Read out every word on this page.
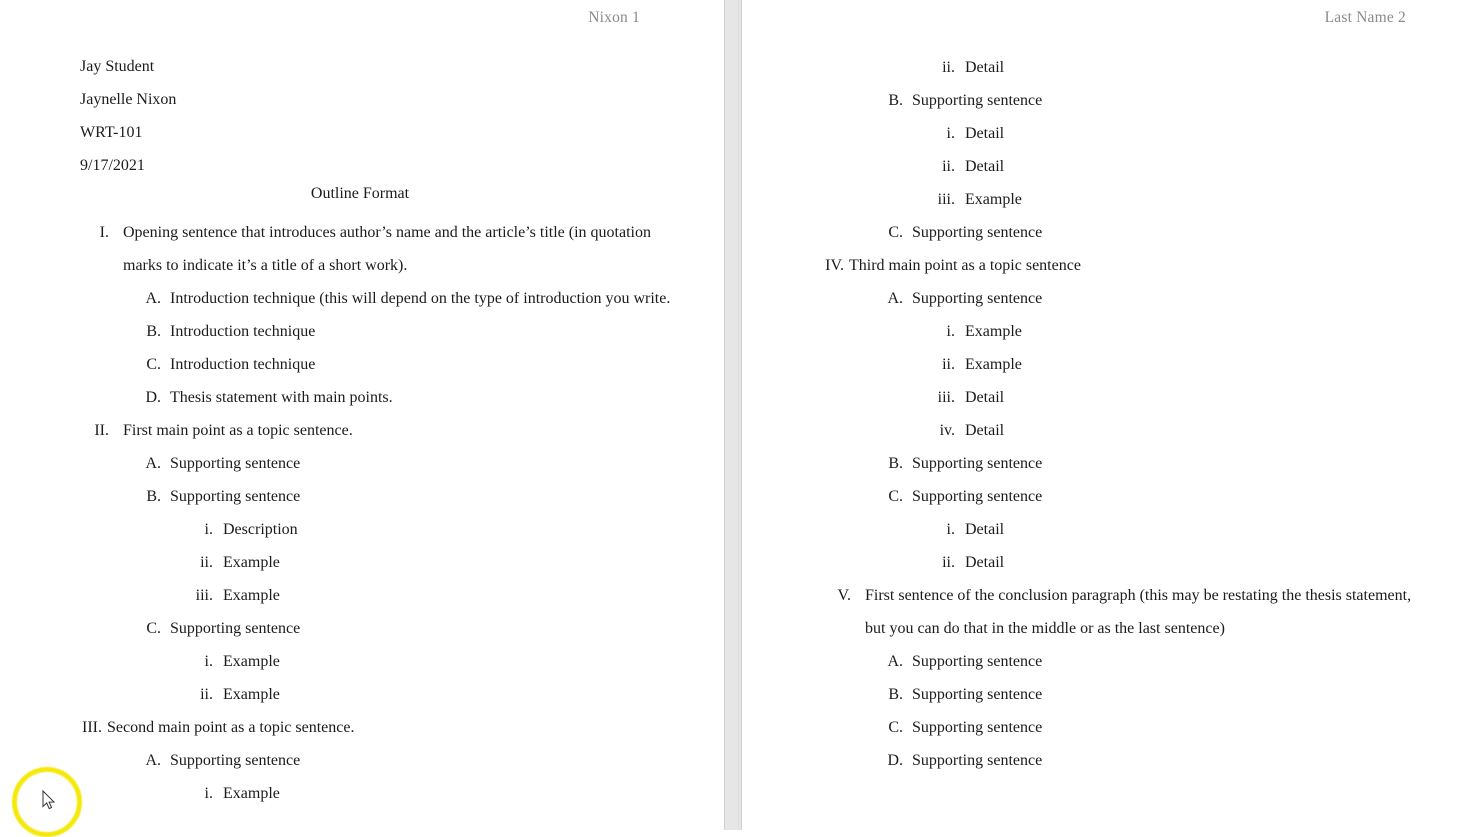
Nixon 1
Jay Student
Jaynelle Nixon
WRT-101
9/17/2021
Outline Format
I. Opening sentence that introduces author’s name and the article’s title (in quotation marks to indicate it’s a title of a short work).
A. Introduction technique (this will depend on the type of introduction you write.
B. Introduction technique
C. Introduction technique
D. Thesis statement with main points.
II. First main point as a topic sentence.
A. Supporting sentence
B. Supporting sentence
i. Description
ii. Example
iii. Example
C. Supporting sentence
i. Example
ii. Example
III. Second main point as a topic sentence.
A. Supporting sentence
i. Example
Last Name 2
ii. Detail
B. Supporting sentence
i. Detail
ii. Detail
iii. Example
C. Supporting sentence
IV. Third main point as a topic sentence
A. Supporting sentence
i. Example
ii. Example
iii. Detail
iv. Detail
B. Supporting sentence
C. Supporting sentence
i. Detail
ii. Detail
V. First sentence of the conclusion paragraph (this may be restating the thesis statement, but you can do that in the middle or as the last sentence)
A. Supporting sentence
B. Supporting sentence
C. Supporting sentence
D. Supporting sentence
